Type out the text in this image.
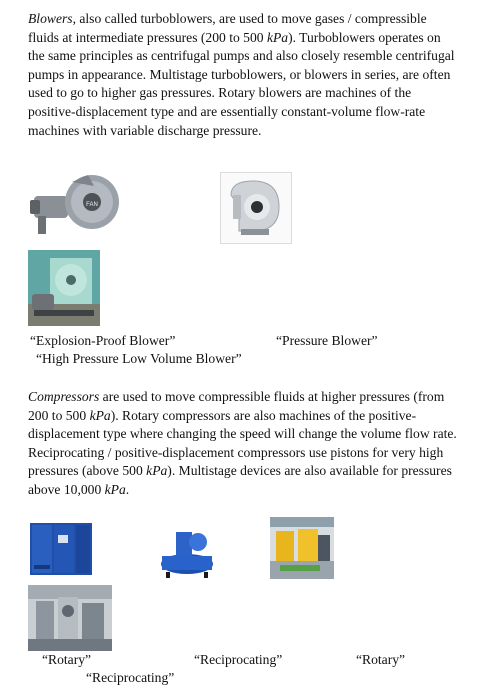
Blowers, also called turboblowers, are used to move gases / compressible fluids at intermediate pressures (200 to 500 kPa). Turboblowers operates on the same principles as centrifugal pumps and also closely resemble centrifugal pumps in appearance. Multistage turboblowers, or blowers in series, are often used to go to higher gas pressures. Rotary blowers are machines of the positive-displacement type and are essentially constant-volume flow-rate machines with variable discharge pressure.

FAN
“Explosion-Proof Blower”	“Pressure Blower”
“High Pressure Low Volume Blower”

Compressors are used to move compressible fluids at higher pressures (from 200 to 500 kPa). Rotary compressors are also machines of the positive-displacement type where changing the speed will change the volume flow rate. Reciprocating / positive-displacement compressors use pistons for very high pressures (above 500 kPa). Multistage devices are also available for pressures above 10,000 kPa.

“Rotary”	“Reciprocating”	“Rotary”
“Reciprocating”
